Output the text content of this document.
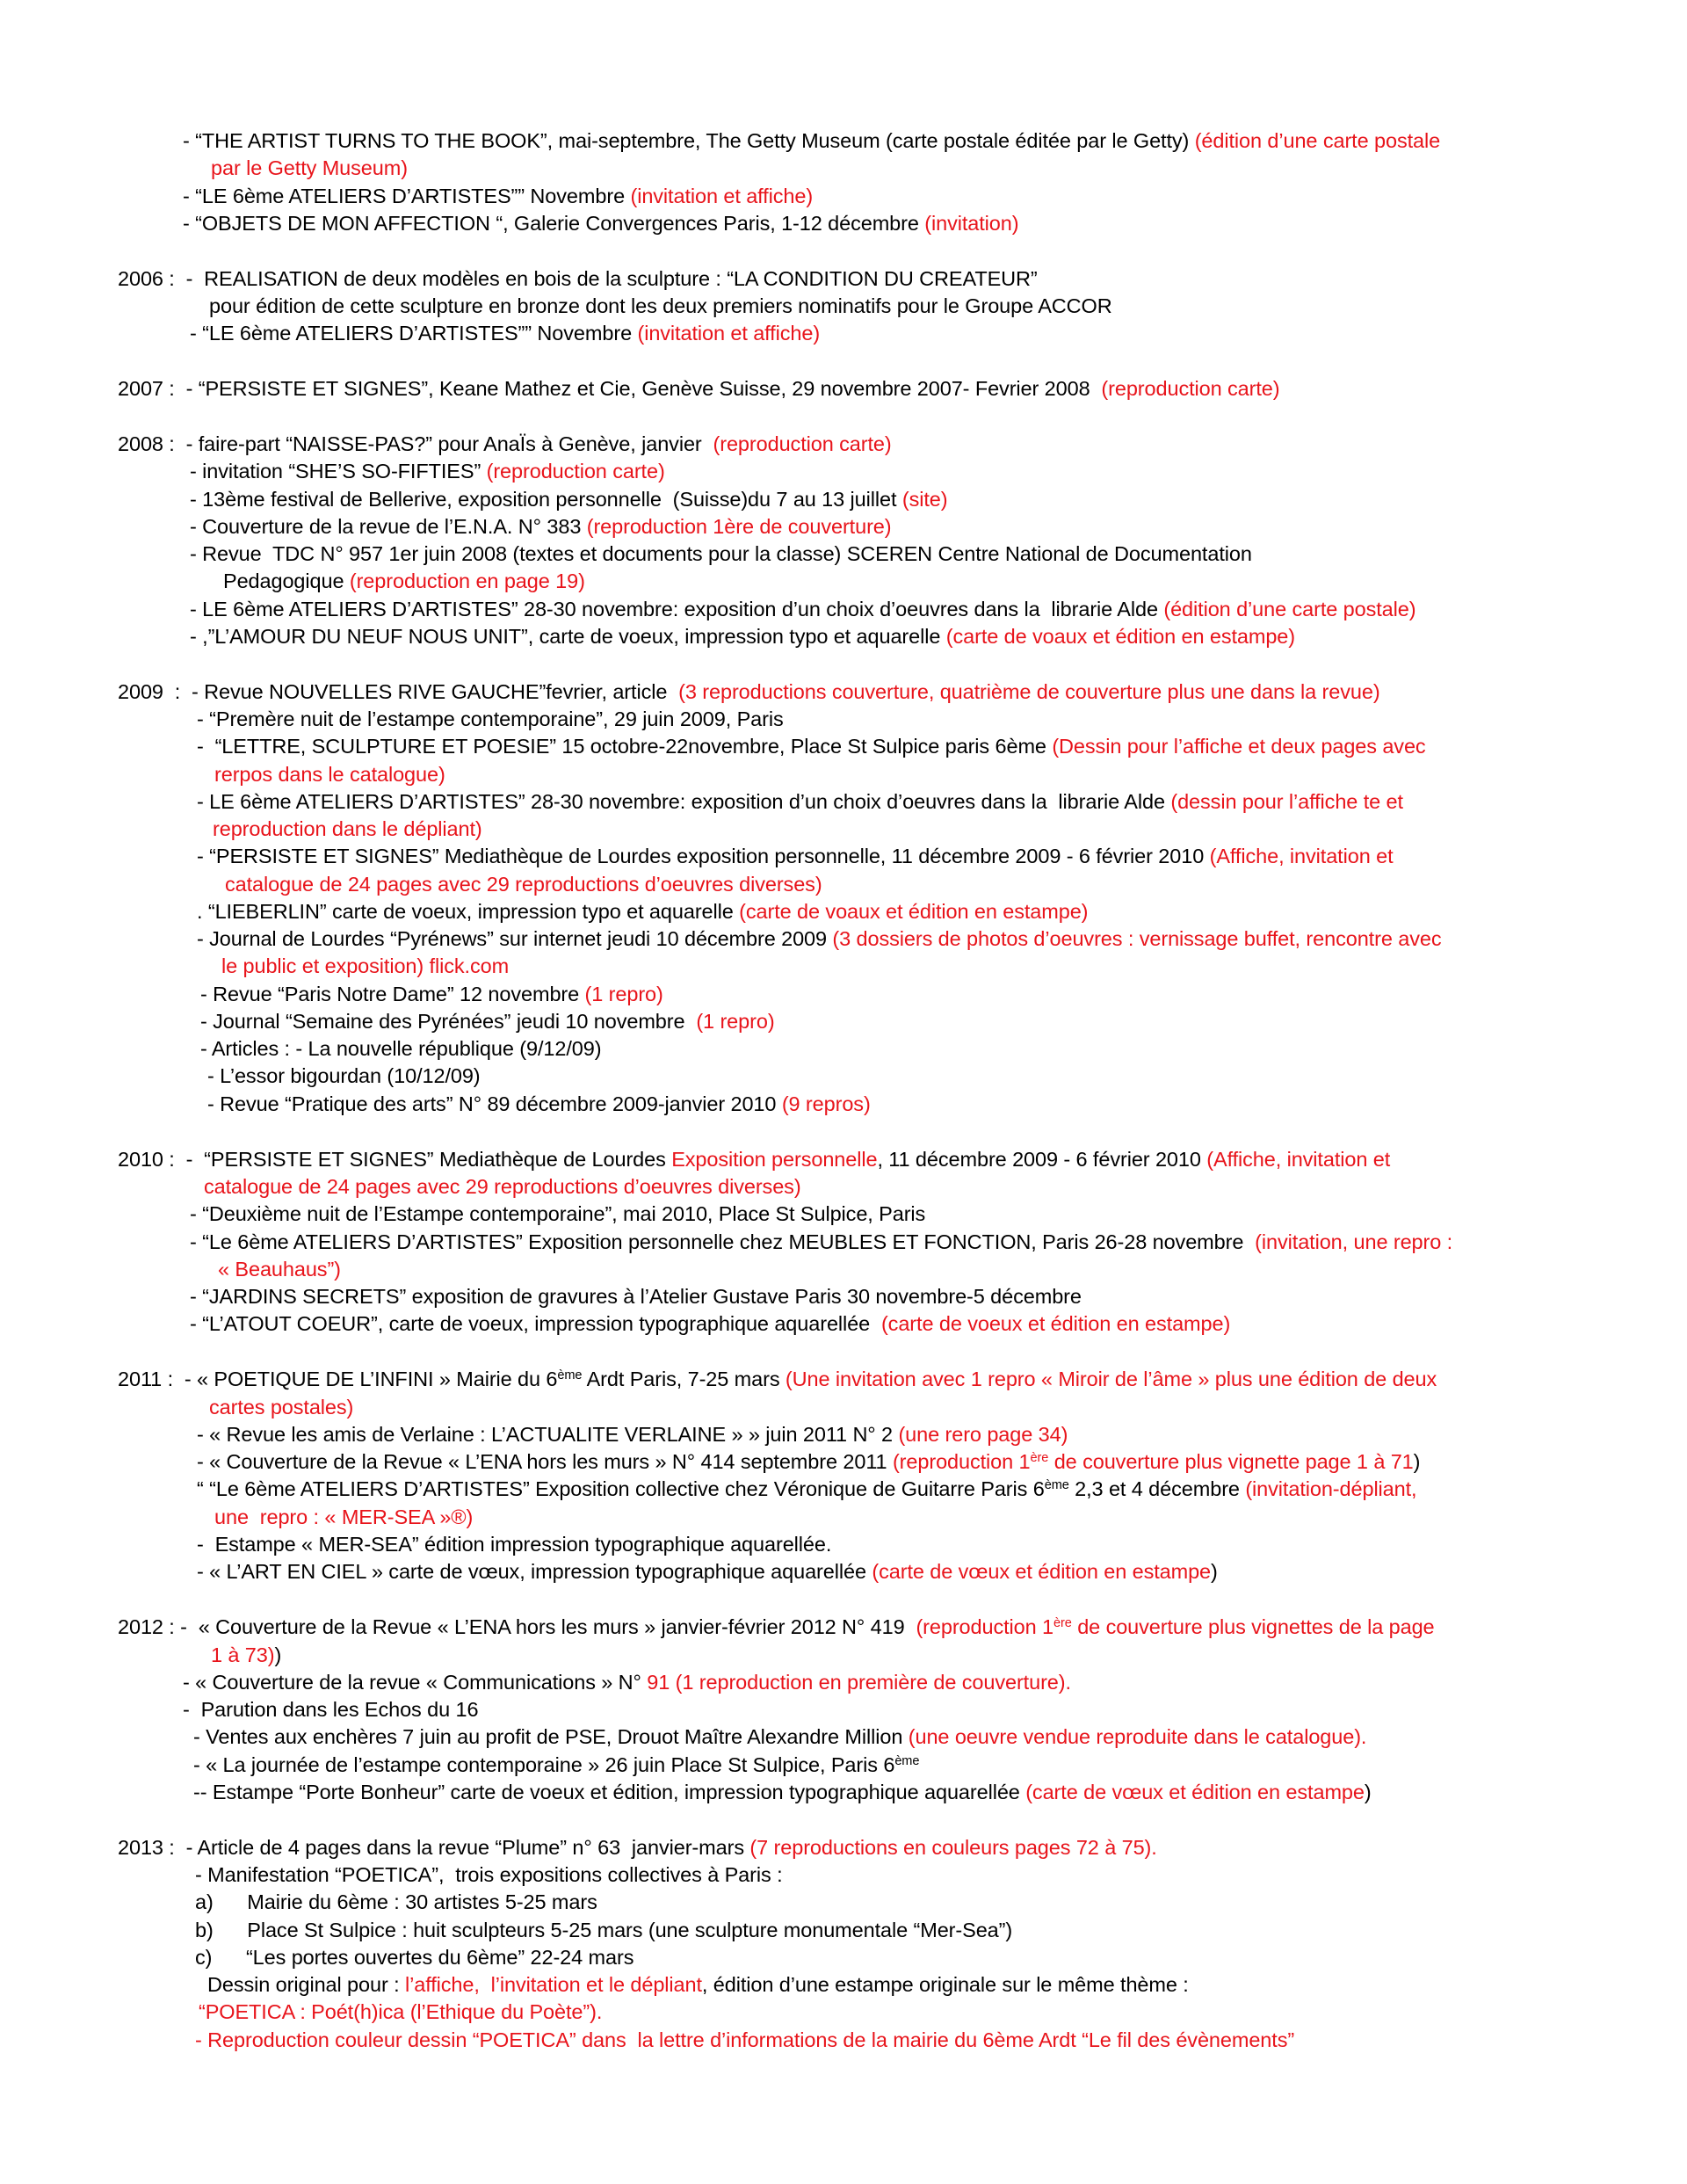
- “THE ARTIST TURNS TO THE BOOK”, mai-septembre, The Getty Museum (carte postale éditée par le Getty) (édition d’une carte postale
par le Getty Museum)
- “LE 6ème ATELIERS D’ARTISTES”” Novembre (invitation et affiche)
- “OBJETS DE MON AFFECTION “, Galerie Convergences Paris, 1-12 décembre (invitation)
2006 :  -  REALISATION de deux modèles en bois de la sculpture : “LA CONDITION DU CREATEUR”
pour édition de cette sculpture en bronze dont les deux premiers nominatifs pour le Groupe ACCOR
- “LE 6ème ATELIERS D’ARTISTES”” Novembre (invitation et affiche)
2007 :  - “PERSISTE ET SIGNES”, Keane Mathez et Cie, Genève Suisse, 29 novembre 2007- Fevrier 2008  (reproduction carte)
2008 :  - faire-part “NAISSE-PAS?” pour AnaÏs à Genève, janvier  (reproduction carte)
- invitation “SHE’S SO-FIFTIES” (reproduction carte)
- 13ème festival de Bellerive, exposition personnelle  (Suisse)du 7 au 13 juillet (site)
- Couverture de la revue de l’E.N.A. N° 383 (reproduction 1ère de couverture)
- Revue  TDC N° 957 1er juin 2008 (textes et documents pour la classe) SCEREN Centre National de Documentation
Pedagogique (reproduction en page 19)
- LE 6ème ATELIERS D’ARTISTES” 28-30 novembre: exposition d’un choix d’oeuvres dans la  librarie Alde (édition d’une carte postale)
- ,”L’AMOUR DU NEUF NOUS UNIT”, carte de voeux, impression typo et aquarelle (carte de voaux et édition en estampe)
2009  :  - Revue NOUVELLES RIVE GAUCHE”fevrier, article  (3 reproductions couverture, quatrième de couverture plus une dans la revue)
- “Premère nuit de l’estampe contemporaine”, 29 juin 2009, Paris
-  “LETTRE, SCULPTURE ET POESIE” 15 octobre-22novembre, Place St Sulpice paris 6ème (Dessin pour l’affiche et deux pages avec
rerpos dans le catalogue)
- LE 6ème ATELIERS D’ARTISTES” 28-30 novembre: exposition d’un choix d’oeuvres dans la  librarie Alde (dessin pour l’affiche te et
reproduction dans le dépliant)
- “PERSISTE ET SIGNES” Mediathèque de Lourdes exposition personnelle, 11 décembre 2009 - 6 février 2010 (Affiche, invitation et
catalogue de 24 pages avec 29 reproductions d’oeuvres diverses)
. “LIEBERLIN” carte de voeux, impression typo et aquarelle (carte de voaux et édition en estampe)
- Journal de Lourdes “Pyrénews” sur internet jeudi 10 décembre 2009 (3 dossiers de photos d’oeuvres : vernissage buffet, rencontre avec
le public et exposition) flick.com
- Revue “Paris Notre Dame” 12 novembre (1 repro)
- Journal “Semaine des Pyrénées” jeudi 10 novembre  (1 repro)
- Articles : - La nouvelle république (9/12/09)
- L’essor bigourdan (10/12/09)
- Revue “Pratique des arts” N° 89 décembre 2009-janvier 2010 (9 repros)
2010 :  -  “PERSISTE ET SIGNES” Mediathèque de Lourdes Exposition personnelle, 11 décembre 2009 - 6 février 2010 (Affiche, invitation et
catalogue de 24 pages avec 29 reproductions d’oeuvres diverses)
- “Deuxième nuit de l’Estampe contemporaine”, mai 2010, Place St Sulpice, Paris
- “Le 6ème ATELIERS D’ARTISTES” Exposition personnelle chez MEUBLES ET FONCTION, Paris 26-28 novembre  (invitation, une repro :
« Beauhaus”)
- “JARDINS SECRETS” exposition de gravures à l’Atelier Gustave Paris 30 novembre-5 décembre
- “L’ATOUT COEUR”, carte de voeux, impression typographique aquarellée  (carte de voeux et édition en estampe)
2011 :  - « POETIQUE DE L’INFINI » Mairie du 6ème Ardt Paris, 7-25 mars (Une invitation avec 1 repro « Miroir de l’âme » plus une édition de deux
cartes postales)
- « Revue les amis de Verlaine : L’ACTUALITE VERLAINE » » juin 2011 N° 2 (une rero page 34)
- « Couverture de la Revue « L’ENA hors les murs » N° 414 septembre 2011 (reproduction 1ère de couverture plus vignette page 1 à 71)
“ “Le 6ème ATELIERS D’ARTISTES” Exposition collective chez Véronique de Guitarre Paris 6ème 2,3 et 4 décembre (invitation-dépliant,
une  repro : « MER-SEA »®)
-  Estampe « MER-SEA” édition impression typographique aquarellée.
- « L’ART EN CIEL » carte de vœux, impression typographique aquarellée (carte de vœux et édition en estampe)
2012 : -  « Couverture de la Revue « L’ENA hors les murs » janvier-février 2012 N° 419  (reproduction 1ère de couverture plus vignettes de la page
1 à 73))
- « Couverture de la revue « Communications » N° 91 (1 reproduction en première de couverture).
-  Parution dans les Echos du 16
- Ventes aux enchères 7 juin au profit de PSE, Drouot Maître Alexandre Million (une oeuvre vendue reproduite dans le catalogue).
- « La journée de l’estampe contemporaine » 26 juin Place St Sulpice, Paris 6ème
-- Estampe “Porte Bonheur” carte de voeux et édition, impression typographique aquarellée (carte de vœux et édition en estampe)
2013 :  - Article de 4 pages dans la revue “Plume” n° 63  janvier-mars (7 reproductions en couleurs pages 72 à 75).
- Manifestation “POETICA”,  trois expositions collectives à Paris :
a)      Mairie du 6ème : 30 artistes 5-25 mars
b)      Place St Sulpice : huit sculpteurs 5-25 mars (une sculpture monumentale “Mer-Sea”)
c)      “Les portes ouvertes du 6ème” 22-24 mars
Dessin original pour : l’affiche,  l’invitation et le dépliant, édition d’une estampe originale sur le même thème :
“POETICA : Poét(h)ica (l’Ethique du Poète”).
- Reproduction couleur dessin “POETICA” dans  la lettre d’informations de la mairie du 6ème Ardt “Le fil des évènements”
